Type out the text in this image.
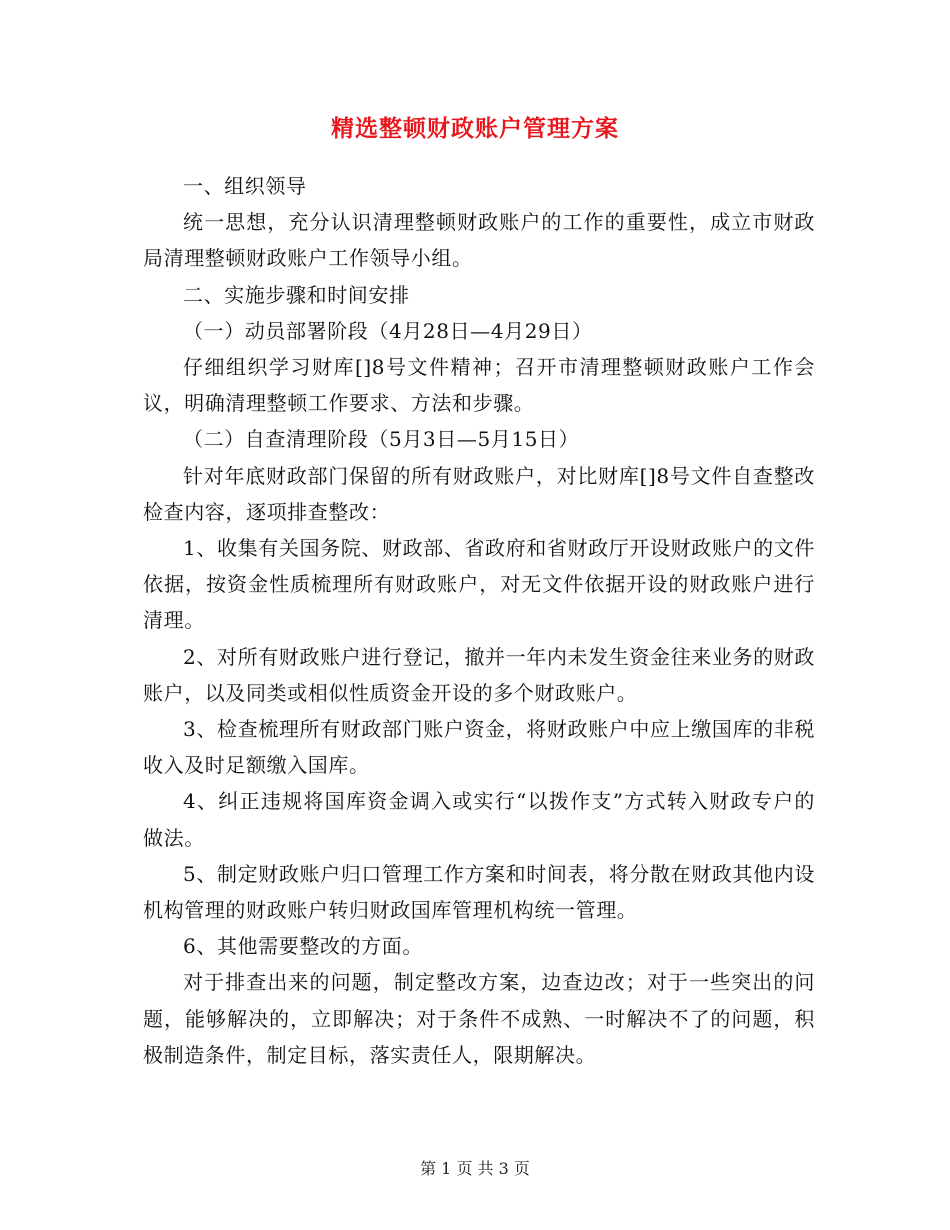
精选整顿财政账户管理方案

一、组织领导

统一思想，充分认识清理整顿财政账户的工作的重要性，成立市财政局清理整顿财政账户工作领导小组。

二、实施步骤和时间安排

（一）动员部署阶段（4月28日—4月29日）

仔细组织学习财库[]8号文件精神；召开市清理整顿财政账户工作会议，明确清理整顿工作要求、方法和步骤。

（二）自查清理阶段（5月3日—5月15日）

针对年底财政部门保留的所有财政账户，对比财库[]8号文件自查整改检查内容，逐项排查整改：

1、收集有关国务院、财政部、省政府和省财政厅开设财政账户的文件依据，按资金性质梳理所有财政账户，对无文件依据开设的财政账户进行清理。

2、对所有财政账户进行登记，撤并一年内未发生资金往来业务的财政账户，以及同类或相似性质资金开设的多个财政账户。

3、检查梳理所有财政部门账户资金，将财政账户中应上缴国库的非税收入及时足额缴入国库。

4、纠正违规将国库资金调入或实行“以拨作支”方式转入财政专户的做法。

5、制定财政账户归口管理工作方案和时间表，将分散在财政其他内设机构管理的财政账户转归财政国库管理机构统一管理。

6、其他需要整改的方面。

对于排查出来的问题，制定整改方案，边查边改；对于一些突出的问题，能够解决的，立即解决；对于条件不成熟、一时解决不了的问题，积极制造条件，制定目标，落实责任人，限期解决。

第 1 页 共 3 页
